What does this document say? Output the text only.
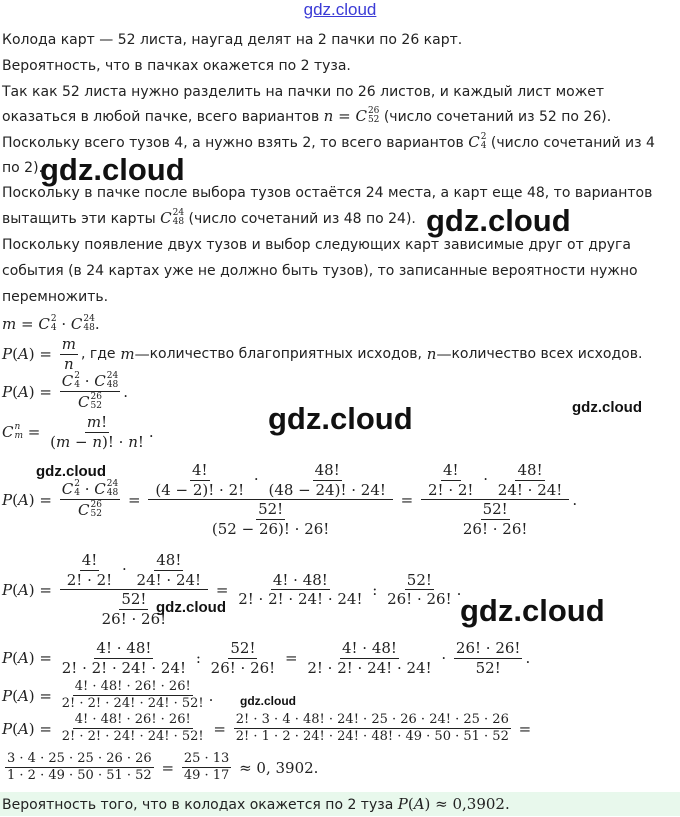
gdz.cloud
Колода карт — 52 листа, наугад делят на 2 пачки по 26 карт.
Вероятность, что в пачках окажется по 2 туза.
Так как 52 листа нужно разделить на пачки по 26 листов, и каждый лист может
оказаться в любой пачке, всего вариантов n = C 26
52 (число сочетаний из 52 по 26).
Поскольку всего тузов 4, а нужно взять 2, то всего вариантов C 2
4 (число сочетаний из 4
по 2).
Поскольку в пачке после выбора тузов остаётся 24 места, а карт еще 48, то вариантов
вытащить эти карты C 24
48 (число сочетаний из 48 по 24).
Поскольку появление двух тузов и выбор следующих карт зависимые друг от друга
события (в 24 картах уже не должно быть тузов), то записанные вероятности нужно
перемножить.
m = C 2
4 · C 24
48 .
P ( A ) = $\frac{m}{n}$ , где
m — количество благоприятных исходов,
n — количество всех исходов.
P ( A ) = C 2
4 · C 24
48
C 26
52 .
C n
$m = \frac{m!}{(m - n)! \cdot n!}$ .
P ( A ) = C 2
4 · C 24
48
C 26
$52 = \frac{\frac{4!}{(4 - 2)! \cdot 2!} \cdot \frac{48!}{(48 - 24)! \cdot 24!}}{\frac{52!}{(52 - 26)! \cdot 26!}} = \frac{\frac{4!}{2! \cdot 2!} \cdot \frac{48!}{24! \cdot 24!}}{\frac{52!}{26! \cdot 26!}}$ .
P ( A ) = $\frac{\frac{4!}{2! \cdot 2!} \cdot \frac{48!}{24! \cdot 24!}}{\frac{52!}{26! \cdot 26!}} = \frac{4! \cdot 48!}{2! \cdot 2! \cdot 24! \cdot 24!}$ : $\frac{52!}{26! \cdot 26!}$ .
P ( A ) = $\frac{4! \cdot 48!}{2! \cdot 2! \cdot 24! \cdot 24!}$ : $\frac{52!}{26! \cdot 26!} = \frac{4! \cdot 48!}{2! \cdot 2! \cdot 24! \cdot 24!} \cdot \frac{26! \cdot 26!}{52!}$ .
P ( A ) = $\frac{4! \cdot 48! \cdot 26! \cdot 26!}{2! \cdot 2! \cdot 24! \cdot 24! \cdot 52!}$ .
P ( A ) = $\frac{4! \cdot 48! \cdot 26! \cdot 26!}{2! \cdot 2! \cdot 24! \cdot 24! \cdot 52!} = \frac{2! \cdot 3 \cdot 4 \cdot 48! \cdot 24! \cdot 25 \cdot 26 \cdot 24! \cdot 25 \cdot 26}{2! \cdot 1 \cdot 2 \cdot 24! \cdot 24! \cdot 48! \cdot 49 \cdot 50 \cdot 51 \cdot 52}$ =
$\frac{3 \cdot 4 \cdot 25 \cdot 25 \cdot 26 \cdot 26}{1 \cdot 2 \cdot 49 \cdot 50 \cdot 51 \cdot 52} = \frac{25 \cdot 13}{49 \cdot 17} \approx 0$, 3902.
Вероятность того, что в колодах окажется по 2 туза P(A) ≈ 0,3902.
gdz.cloud
gdz.cloud
gdz.cloud	gdz.cloud
gdz.cloud
gdz.cloud	gdz.cloud
gdz.cloud
